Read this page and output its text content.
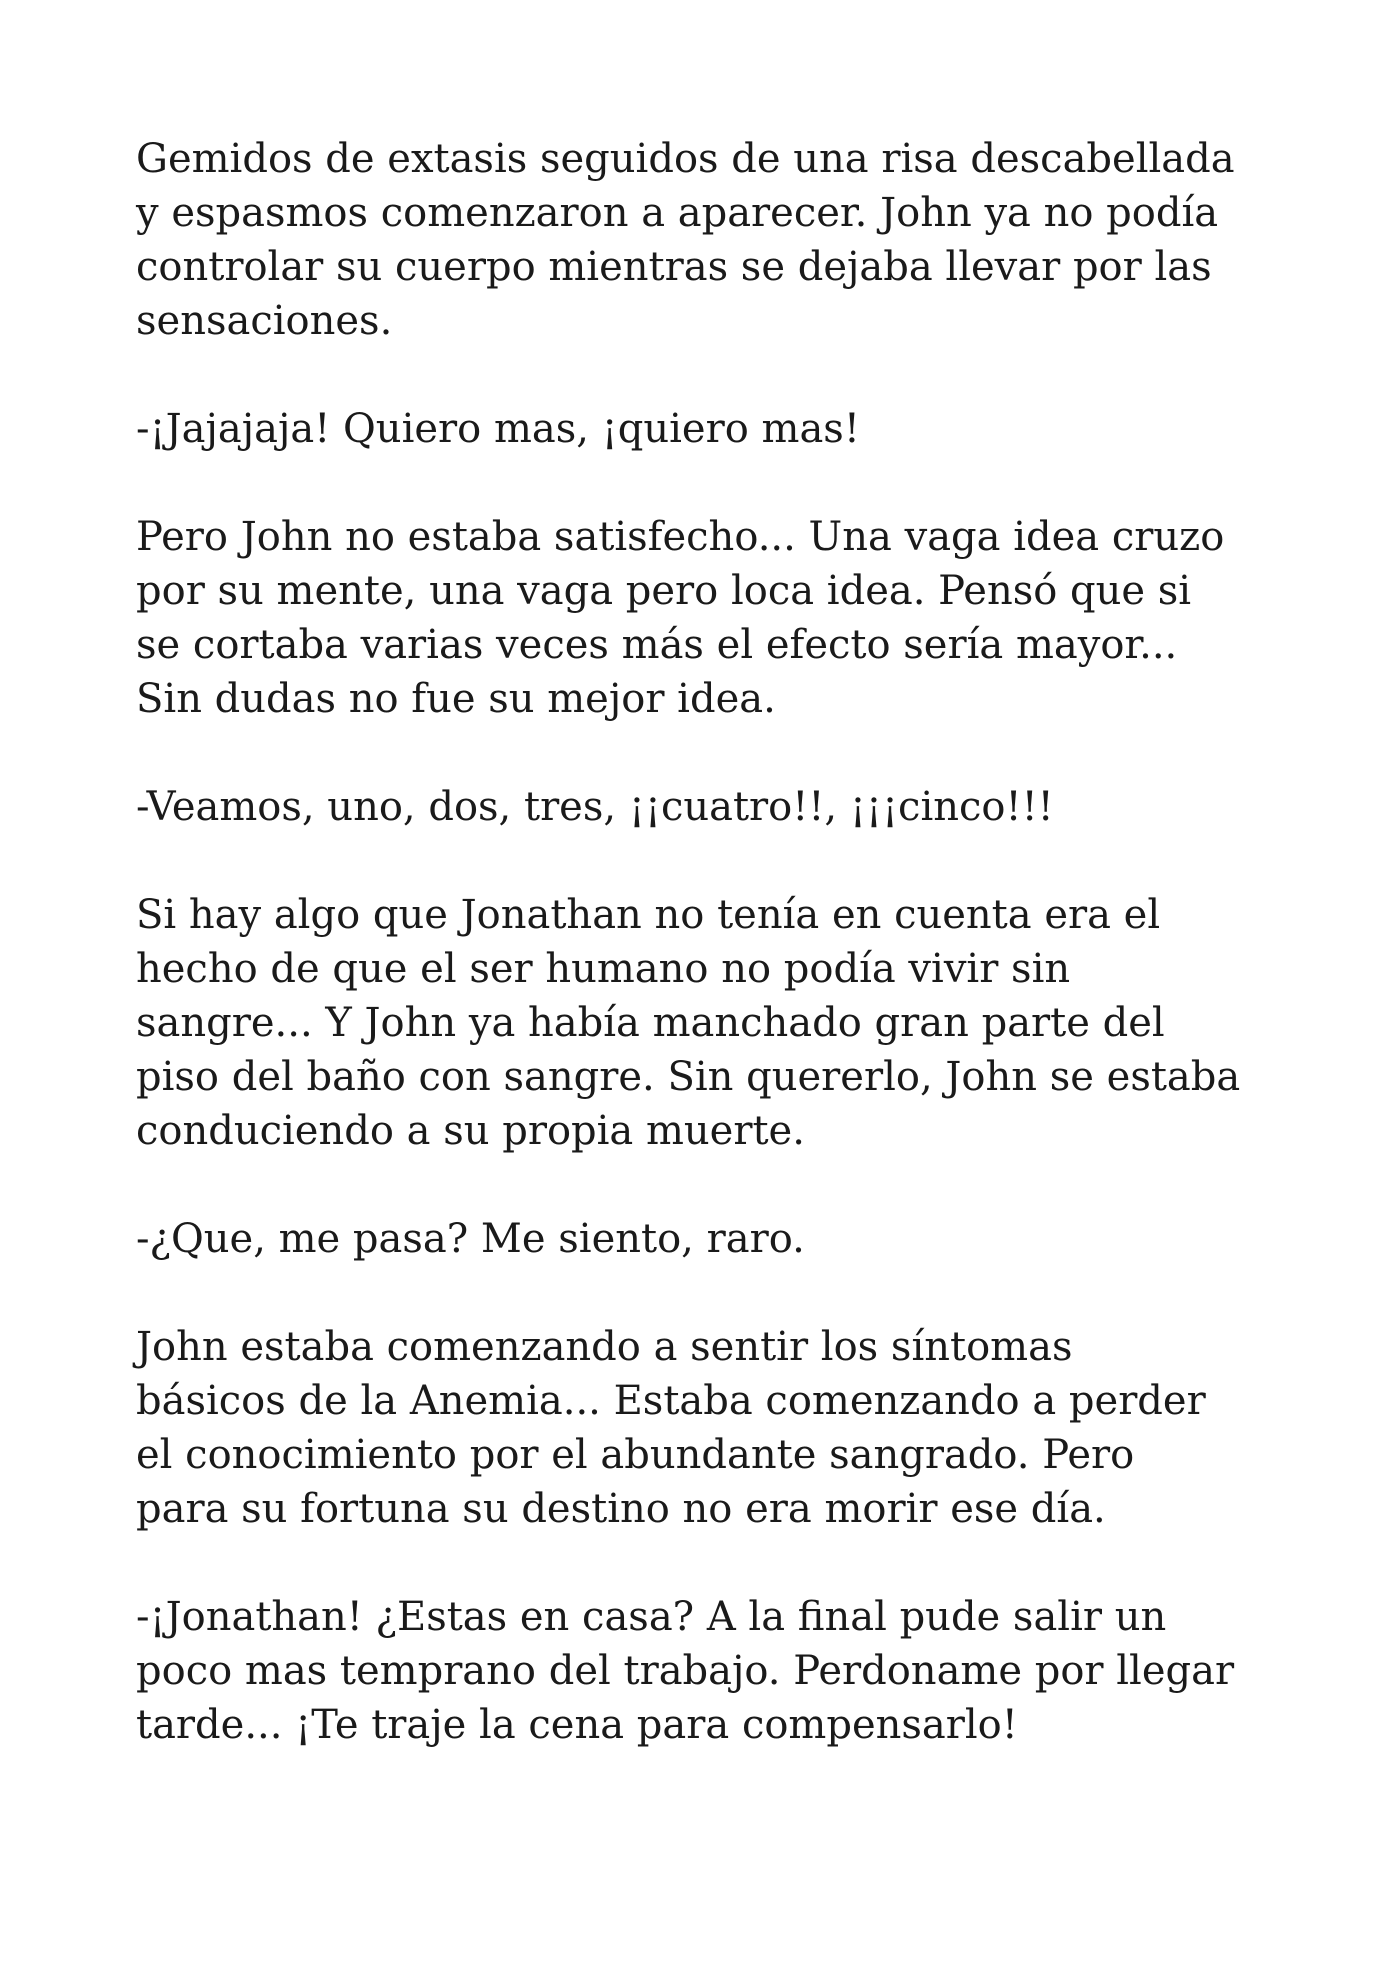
Gemidos de extasis seguidos de una risa descabellada
y espasmos comenzaron a aparecer. John ya no podía
controlar su cuerpo mientras se dejaba llevar por las
sensaciones.

-¡Jajajaja! Quiero mas, ¡quiero mas!

Pero John no estaba satisfecho... Una vaga idea cruzo
por su mente, una vaga pero loca idea. Pensó que si
se cortaba varias veces más el efecto sería mayor...
Sin dudas no fue su mejor idea.

-Veamos, uno, dos, tres, ¡¡cuatro!!, ¡¡¡cinco!!!

Si hay algo que Jonathan no tenía en cuenta era el
hecho de que el ser humano no podía vivir sin
sangre... Y John ya había manchado gran parte del
piso del baño con sangre. Sin quererlo, John se estaba
conduciendo a su propia muerte.

-¿Que, me pasa? Me siento, raro.

John estaba comenzando a sentir los síntomas
básicos de la Anemia... Estaba comenzando a perder
el conocimiento por el abundante sangrado. Pero
para su fortuna su destino no era morir ese día.

-¡Jonathan! ¿Estas en casa? A la final pude salir un
poco mas temprano del trabajo. Perdoname por llegar
tarde... ¡Te traje la cena para compensarlo!
